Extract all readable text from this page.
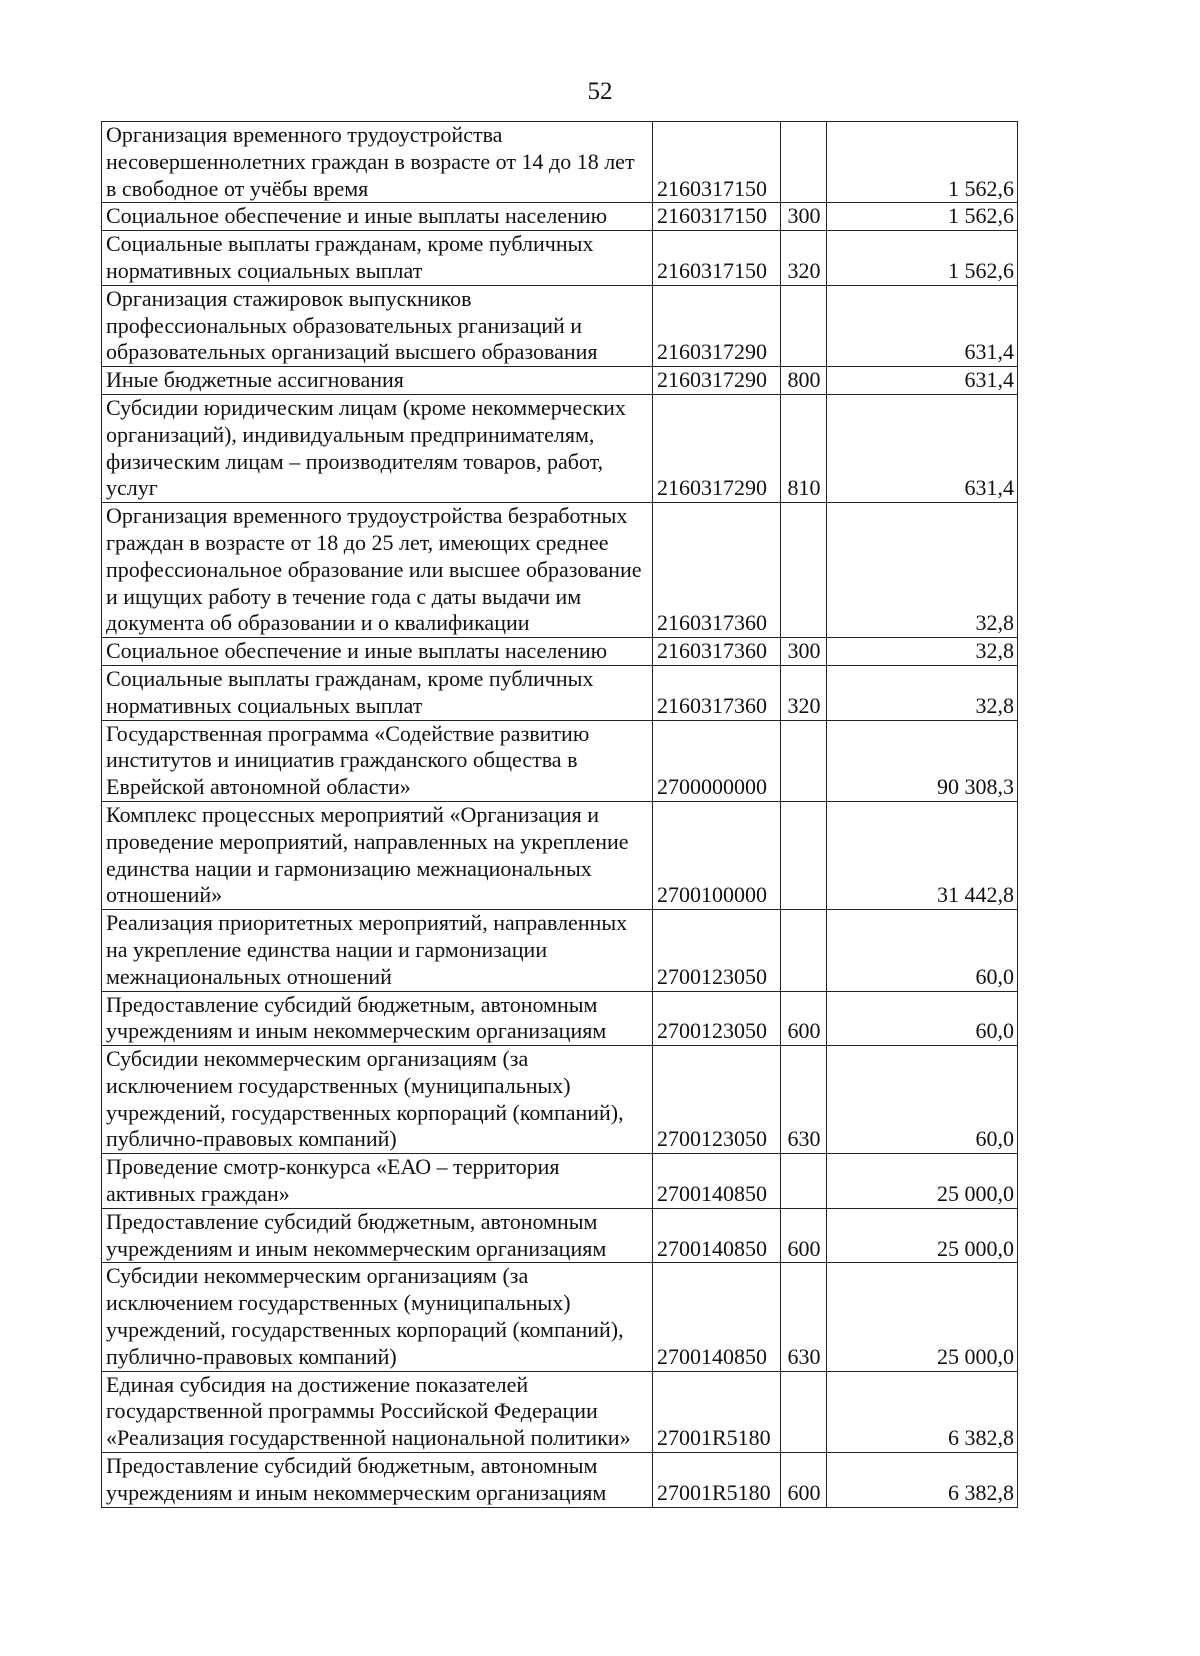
52
Организация временного трудоустройства несовершеннолетних граждан в возрасте от 14 до 18 лет в свободное от учёбы время	2160317150		1 562,6
Социальное обеспечение и иные выплаты населению	2160317150	300	1 562,6
Социальные выплаты гражданам, кроме публичных нормативных социальных выплат	2160317150	320	1 562,6
Организация стажировок выпускников профессиональных образовательных рганизаций и образовательных организаций высшего образования	2160317290		631,4
Иные бюджетные ассигнования	2160317290	800	631,4
Субсидии юридическим лицам (кроме некоммерческих организаций), индивидуальным предпринимателям, физическим лицам – производителям товаров, работ, услуг	2160317290	810	631,4
Организация временного трудоустройства безработных граждан в возрасте от 18 до 25 лет, имеющих среднее профессиональное образование или высшее образование и ищущих работу в течение года с даты выдачи им документа об образовании и о квалификации	2160317360		32,8
Социальное обеспечение и иные выплаты населению	2160317360	300	32,8
Социальные выплаты гражданам, кроме публичных нормативных социальных выплат	2160317360	320	32,8
Государственная программа «Содействие развитию институтов и инициатив гражданского общества в Еврейской автономной области»	2700000000		90 308,3
Комплекс процессных мероприятий «Организация и проведение мероприятий, направленных на укрепление единства нации и гармонизацию межнациональных отношений»	2700100000		31 442,8
Реализация приоритетных мероприятий, направленных на укрепление единства нации и гармонизации межнациональных отношений	2700123050		60,0
Предоставление субсидий бюджетным, автономным учреждениям и иным некоммерческим организациям	2700123050	600	60,0
Субсидии некоммерческим организациям (за исключением государственных (муниципальных) учреждений, государственных корпораций (компаний), публично-правовых компаний)	2700123050	630	60,0
Проведение смотр-конкурса «ЕАО – территория активных граждан»	2700140850		25 000,0
Предоставление субсидий бюджетным, автономным учреждениям и иным некоммерческим организациям	2700140850	600	25 000,0
Субсидии некоммерческим организациям (за исключением государственных (муниципальных) учреждений, государственных корпораций (компаний), публично-правовых компаний)	2700140850	630	25 000,0
Единая субсидия на достижение показателей государственной программы Российской Федерации «Реализация государственной национальной политики»	27001R5180		6 382,8
Предоставление субсидий бюджетным, автономным учреждениям и иным некоммерческим организациям	27001R5180	600	6 382,8
